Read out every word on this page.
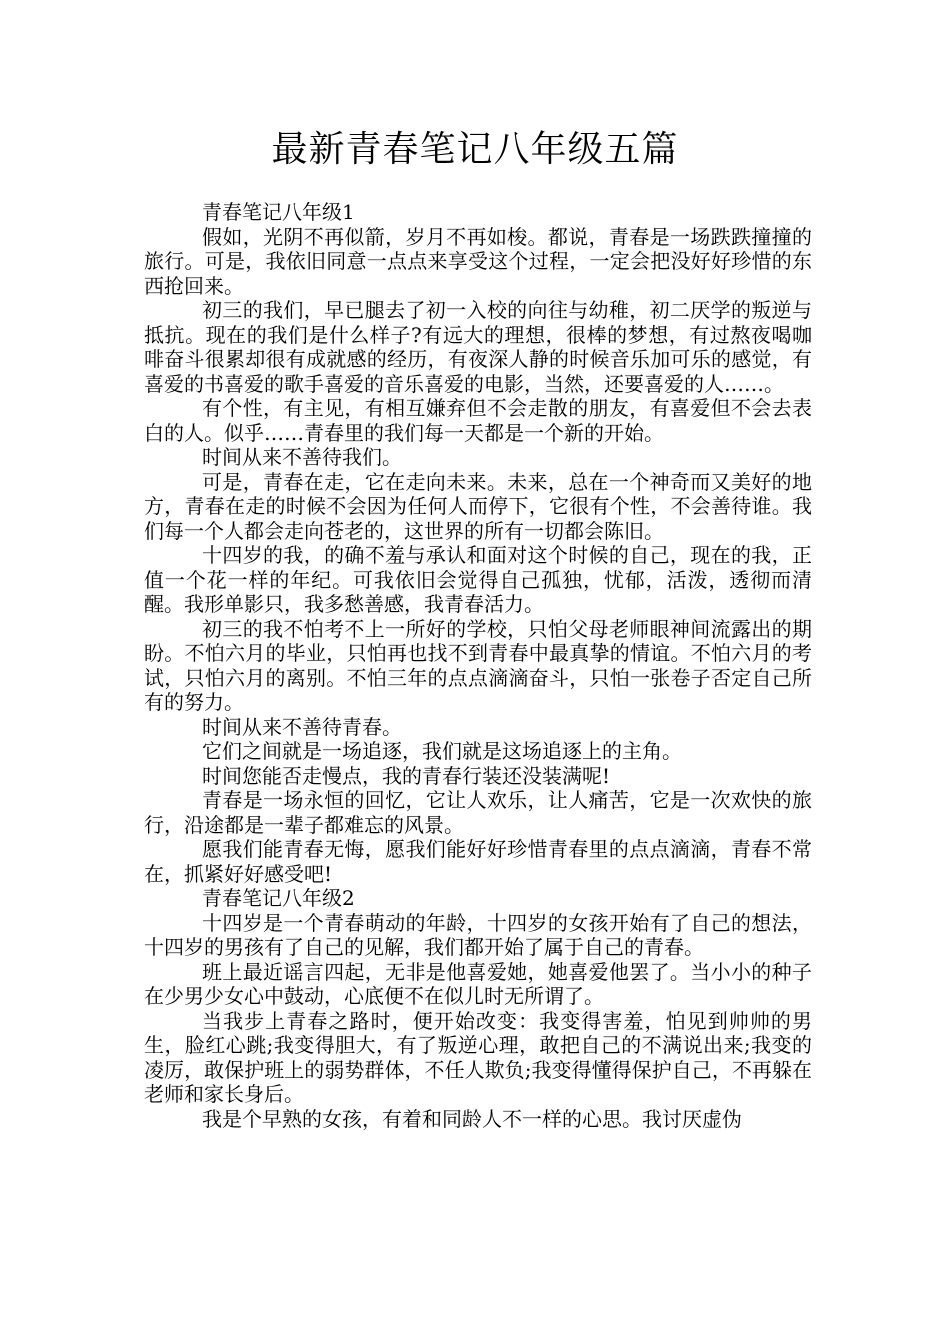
最新青春笔记八年级五篇

青春笔记八年级1

假如，光阴不再似箭，岁月不再如梭。都说，青春是一场跌跌撞撞的旅行。可是，我依旧同意一点点来享受这个过程，一定会把没好好珍惜的东西抢回来。

初三的我们，早已腿去了初一入校的向往与幼稚，初二厌学的叛逆与抵抗。现在的我们是什么样子?有远大的理想，很棒的梦想，有过熬夜喝咖啡奋斗很累却很有成就感的经历，有夜深人静的时候音乐加可乐的感觉，有喜爱的书喜爱的歌手喜爱的音乐喜爱的电影，当然，还要喜爱的人……。

有个性，有主见，有相互嫌弃但不会走散的朋友，有喜爱但不会去表白的人。似乎……青春里的我们每一天都是一个新的开始。

时间从来不善待我们。

可是，青春在走，它在走向未来。未来，总在一个神奇而又美好的地方，青春在走的时候不会因为任何人而停下，它很有个性，不会善待谁。我们每一个人都会走向苍老的，这世界的所有一切都会陈旧。

十四岁的我，的确不羞与承认和面对这个时候的自己，现在的我，正值一个花一样的年纪。可我依旧会觉得自己孤独，忧郁，活泼，透彻而清醒。我形单影只，我多愁善感，我青春活力。

初三的我不怕考不上一所好的学校，只怕父母老师眼神间流露出的期盼。不怕六月的毕业，只怕再也找不到青春中最真挚的情谊。不怕六月的考试，只怕六月的离别。不怕三年的点点滴滴奋斗，只怕一张卷子否定自己所有的努力。

时间从来不善待青春。

它们之间就是一场追逐，我们就是这场追逐上的主角。

时间您能否走慢点，我的青春行装还没装满呢!

青春是一场永恒的回忆，它让人欢乐，让人痛苦，它是一次欢快的旅行，沿途都是一辈子都难忘的风景。

愿我们能青春无悔，愿我们能好好珍惜青春里的点点滴滴，青春不常在，抓紧好好感受吧!

青春笔记八年级2

十四岁是一个青春萌动的年龄，十四岁的女孩开始有了自己的想法，十四岁的男孩有了自己的见解，我们都开始了属于自己的青春。

班上最近谣言四起，无非是他喜爱她，她喜爱他罢了。当小小的种子在少男少女心中鼓动，心底便不在似儿时无所谓了。

当我步上青春之路时，便开始改变：我变得害羞，怕见到帅帅的男生，脸红心跳;我变得胆大，有了叛逆心理，敢把自己的不满说出来;我变的凌厉，敢保护班上的弱势群体，不任人欺负;我变得懂得保护自己，不再躲在老师和家长身后。

我是个早熟的女孩，有着和同龄人不一样的心思。我讨厌虚伪
